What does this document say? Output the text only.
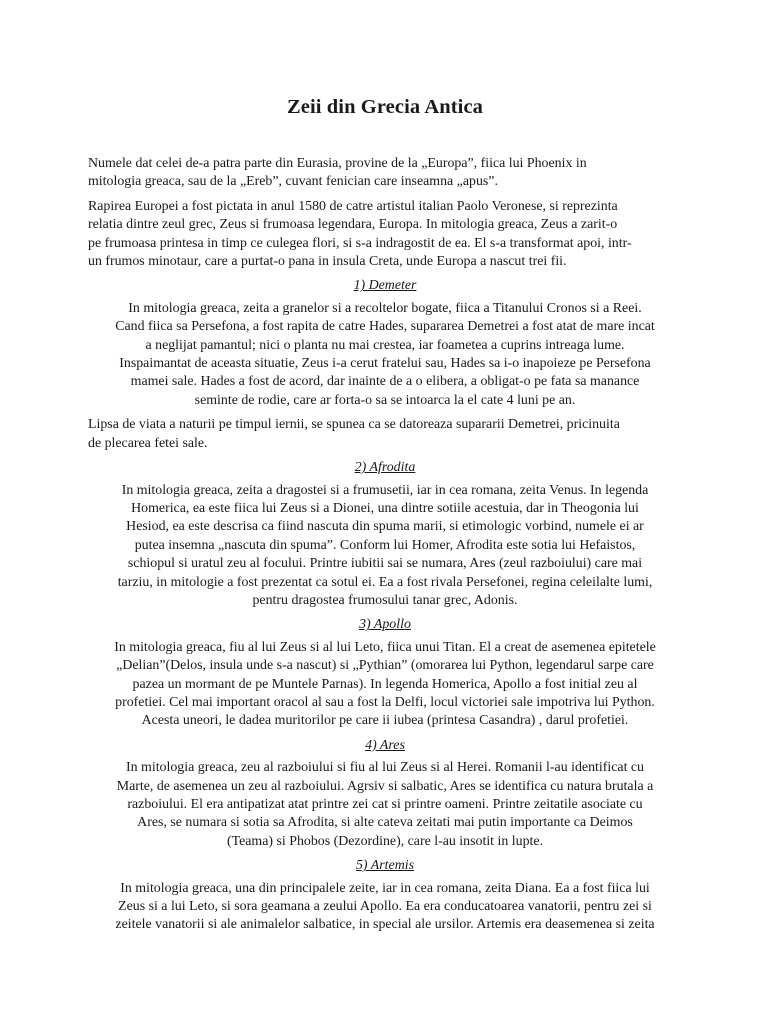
Zeii din Grecia Antica

Numele dat celei de-a patra parte din Eurasia, provine de la „Europa”, fiica lui Phoenix in
mitologia greaca, sau de la „Ereb”, cuvant fenician care inseamna „apus”.

Rapirea Europei a fost pictata in anul 1580 de catre artistul italian Paolo Veronese, si reprezinta
relatia dintre zeul grec, Zeus si frumoasa legendara, Europa. In mitologia greaca, Zeus a zarit-o
pe frumoasa printesa in timp ce culegea flori, si s-a indragostit de ea. El s-a transformat apoi, intr-
un frumos minotaur, care a purtat-o pana in insula Creta, unde Europa a nascut trei fii.

1) Demeter

In mitologia greaca, zeita a granelor si a recoltelor bogate, fiica a Titanului Cronos si a Reei.
Cand fiica sa Persefona, a fost rapita de catre Hades, supararea Demetrei a fost atat de mare incat
a neglijat pamantul; nici o planta nu mai crestea, iar foametea a cuprins intreaga lume.
Inspaimantat de aceasta situatie, Zeus i-a cerut fratelui sau, Hades sa i-o inapoieze pe Persefona
mamei sale. Hades a fost de acord, dar inainte de a o elibera, a obligat-o pe fata sa manance
seminte de rodie, care ar forta-o sa se intoarca la el cate 4 luni pe an.

Lipsa de viata a naturii pe timpul iernii, se spunea ca se datoreaza supararii Demetrei, pricinuita
de plecarea fetei sale.

2) Afrodita

In mitologia greaca, zeita a dragostei si a frumusetii, iar in cea romana, zeita Venus. In legenda
Homerica, ea este fiica lui Zeus si a Dionei, una dintre sotiile acestuia, dar in Theogonia lui
Hesiod, ea este descrisa ca fiind nascuta din spuma marii, si etimologic vorbind, numele ei ar
putea insemna „nascuta din spuma”. Conform lui Homer, Afrodita este sotia lui Hefaistos,
schiopul si uratul zeu al focului. Printre iubitii sai se numara, Ares (zeul razboiului) care mai
tarziu, in mitologie a fost prezentat ca sotul ei. Ea a fost rivala Persefonei, regina celeilalte lumi,
pentru dragostea frumosului tanar grec, Adonis.

3) Apollo

In mitologia greaca, fiu al lui Zeus si al lui Leto, fiica unui Titan. El a creat de asemenea epitetele
„Delian”(Delos, insula unde s-a nascut) si „Pythian” (omorarea lui Python, legendarul sarpe care
pazea un mormant de pe Muntele Parnas). In legenda Homerica, Apollo a fost initial zeu al
profetiei. Cel mai important oracol al sau a fost la Delfi, locul victoriei sale impotriva lui Python.
Acesta uneori, le dadea muritorilor pe care ii iubea (printesa Casandra) , darul profetiei.

4) Ares

In mitologia greaca, zeu al razboiului si fiu al lui Zeus si al Herei. Romanii l-au identificat cu
Marte, de asemenea un zeu al razboiului. Agrsiv si salbatic, Ares se identifica cu natura brutala a
razboiului. El era antipatizat atat printre zei cat si printre oameni. Printre zeitatile asociate cu
Ares, se numara si sotia sa Afrodita, si alte cateva zeitati mai putin importante ca Deimos
(Teama) si Phobos (Dezordine), care l-au insotit in lupte.

5) Artemis

In mitologia greaca, una din principalele zeite, iar in cea romana, zeita Diana. Ea a fost fiica lui
Zeus si a lui Leto, si sora geamana a zeului Apollo. Ea era conducatoarea vanatorii, pentru zei si
zeitele vanatorii si ale animalelor salbatice, in special ale ursilor. Artemis era deasemenea si zeita
